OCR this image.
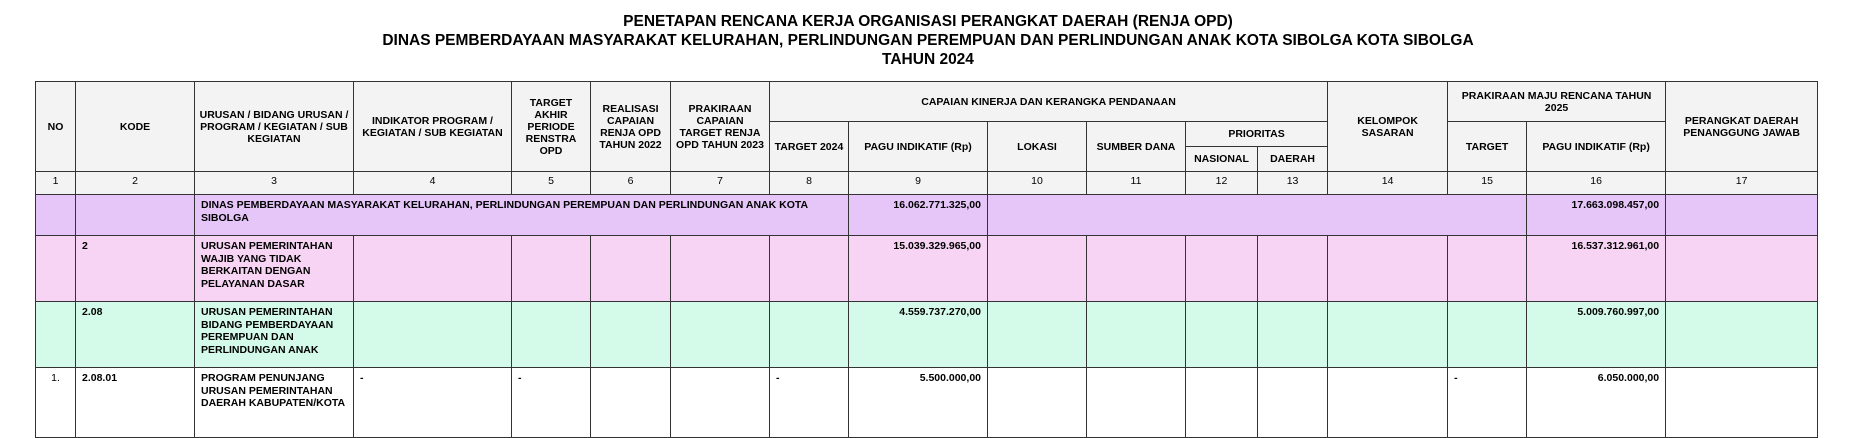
PENETAPAN RENCANA KERJA ORGANISASI PERANGKAT DAERAH (RENJA OPD)
DINAS PEMBERDAYAAN MASYARAKAT KELURAHAN, PERLINDUNGAN PEREMPUAN DAN PERLINDUNGAN ANAK KOTA SIBOLGA KOTA SIBOLGA
TAHUN 2024
NO	KODE	URUSAN / BIDANG URUSAN / PROGRAM / KEGIATAN / SUB KEGIATAN	INDIKATOR PROGRAM / KEGIATAN / SUB KEGIATAN	TARGET AKHIR PERIODE RENSTRA OPD	REALISASI CAPAIAN RENJA OPD TAHUN 2022	PRAKIRAAN CAPAIAN TARGET RENJA OPD TAHUN 2023	CAPAIAN KINERJA DAN KERANGKA PENDANAAN						KELOMPOK SASARAN	PRAKIRAAN MAJU RENCANA TAHUN 2025		PERANGKAT DAERAH PENANGGUNG JAWAB
							TARGET 2024	PAGU INDIKATIF (Rp)	LOKASI	SUMBER DANA	PRIORITAS			TARGET	PAGU INDIKATIF (Rp)	
											NASIONAL	DAERAH				
1	2	3	4	5	6	7	8	9	10	11	12	13	14	15	16	17
		DINAS PEMBERDAYAAN MASYARAKAT KELURAHAN, PERLINDUNGAN PEREMPUAN DAN PERLINDUNGAN ANAK KOTA SIBOLGA						16.062.771.325,00							17.663.098.457,00	
	2	URUSAN PEMERINTAHAN WAJIB YANG TIDAK BERKAITAN DENGAN PELAYANAN DASAR						15.039.329.965,00							16.537.312.961,00	
	2.08	URUSAN PEMERINTAHAN BIDANG PEMBERDAYAAN PEREMPUAN DAN PERLINDUNGAN ANAK						4.559.737.270,00							5.009.760.997,00	
1.	2.08.01	PROGRAM PENUNJANG URUSAN PEMERINTAHAN DAERAH KABUPATEN/KOTA	-	-			-	5.500.000,00						-	6.050.000,00	
